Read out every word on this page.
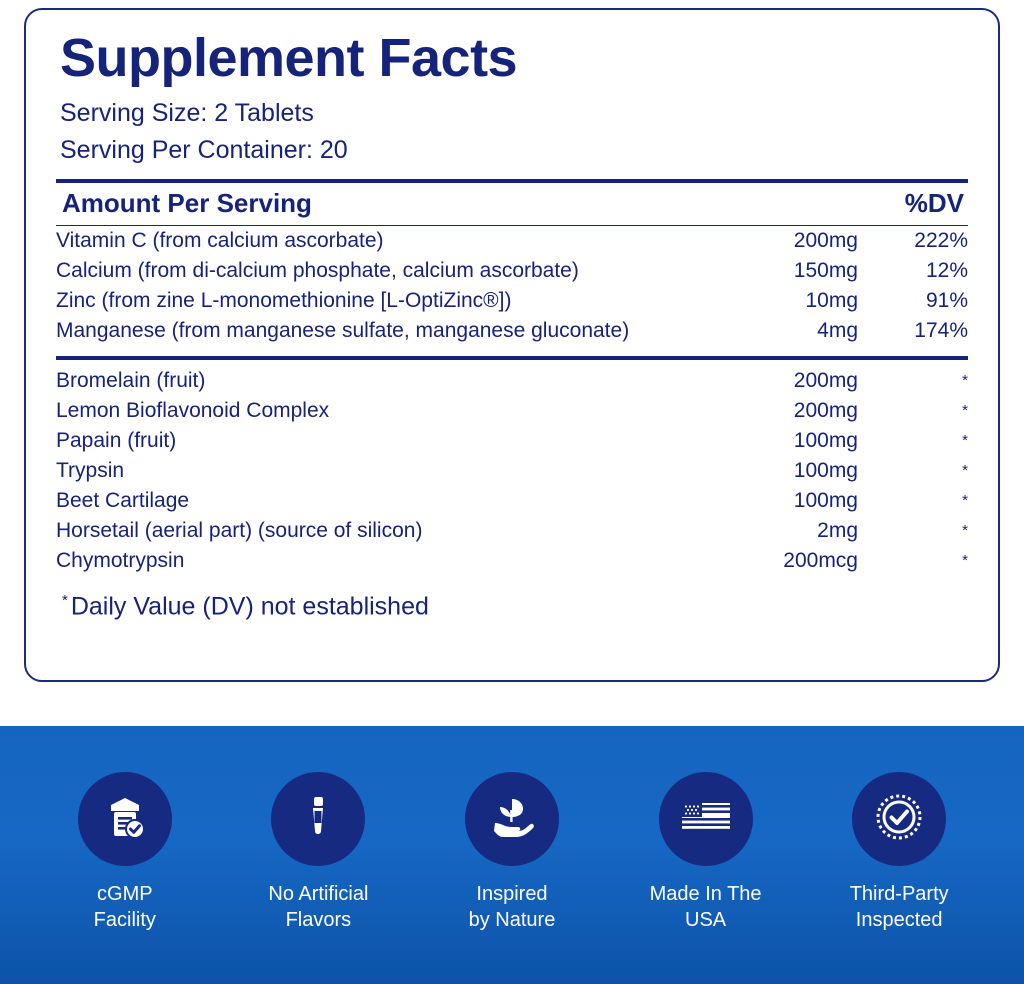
Supplement Facts
Serving Size: 2 Tablets
Serving Per Container: 20
Amount Per Serving	%DV
Vitamin C (from calcium ascorbate)	200mg	222%
Calcium (from di-calcium phosphate, calcium ascorbate)	150mg	12%
Zinc (from zine L-monomethionine [L-OptiZinc®])	10mg	91%
Manganese (from manganese sulfate, manganese gluconate)	4mg	174%
Bromelain (fruit)	200mg	*
Lemon Bioflavonoid Complex	200mg	*
Papain (fruit)	100mg	*
Trypsin	100mg	*
Beet Cartilage	100mg	*
Horsetail (aerial part) (source of silicon)	2mg	*
Chymotrypsin	200mcg	*
* Daily Value (DV) not established
cGMP
Facility
No Artificial
Flavors
Inspired
by Nature
Made In The
USA
Third-Party
Inspected
